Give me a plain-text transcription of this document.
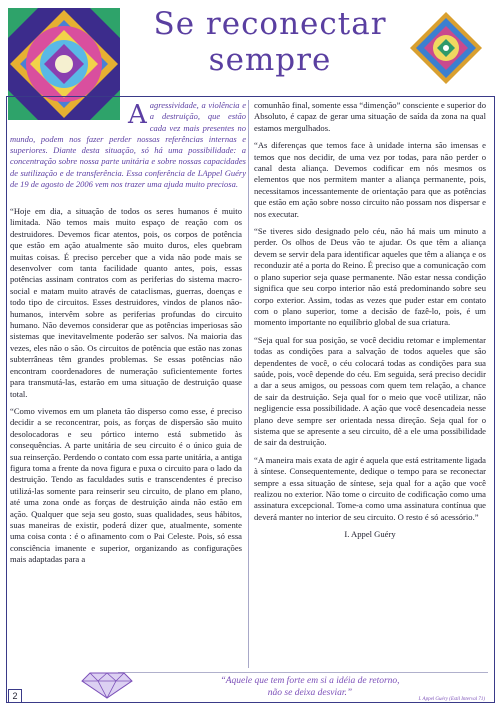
Se reconectar
sempre
Aagressividade, a violência e a destruição, que estão cada vez mais presentes no mundo, podem nos fazer perder nossas referências internas e superiores. Diante desta situação, só há uma possibilidade: a concentração sobre nossa parte unitária e sobre nossas capacidades de sutilização e de transferência. Essa conferência de LAppel Guéry de 19 de agosto de 2006 vem nos trazer uma ajuda muito preciosa.

“Hoje em dia, a situação de todos os seres humanos é muito limitada. Não temos mais muito espaço de reação com os destruidores. Devemos ficar atentos, pois, os corpos de potência que estão em ação atualmente são muito duros, eles quebram muitas coisas. É preciso perceber que a vida não pode mais se desenvolver com tanta facilidade quanto antes, pois, essas potências assinam contratos com as periferias do sistema macro-social e matam muito através de cataclismas, guerras, doenças e todo tipo de circuitos. Esses destruidores, vindos de planos não-humanos, intervêm sobre as periferias profundas do circuito humano. Não devemos considerar que as potências imperiosas são sistemas que inevitavelmente poderão ser salvos. Na maioria das vezes, eles não o são. Os circuitos de potência que estão nas zonas subterrâneas têm grandes problemas. Se essas potências não encontram coordenadores de numeração suficientemente fortes para transmutá-las, estarão em uma situação de destruição quase total.

“Como vivemos em um planeta tão disperso como esse, é preciso decidir a se reconcentrar, pois, as forças de dispersão são muito desolocadoras e seu pórtico interno está submetido às consequências. A parte unitária de seu circuito é o único guia de sua reinserção. Perdendo o contato com essa parte unitária, a antiga figura toma a frente da nova figura e puxa o circuito para o lado da destruição. Tendo as faculdades sutis e transcendentes é preciso utilizá-las somente para reinserir seu circuito, de plano em plano, até uma zona onde as forças de destruição ainda não estão em ação. Qualquer que seja seu gosto, suas qualidades, seus hábitos, suas maneiras de existir, poderá dizer que, atualmente, somente uma coisa conta : é o afinamento com o Pai Celeste. Pois, só essa consciência imanente e superior, organizando as configurações mais adaptadas para a

comunhão final, somente essa “dimenção” consciente e superior do Absoluto, é capaz de gerar uma situação de saída da zona na qual estamos mergulhados.

“As diferenças que temos face à unidade interna são imensas e temos que nos decidir, de uma vez por todas, para não perder o canal desta aliança. Devemos codificar em nós mesmos os elementos que nos permitem manter a aliança permanente, pois, necessitamos incessantemente de orientação para que as potências que estão em ação sobre nosso circuito não possam nos dispersar e nos executar.

“Se tiveres sido designado pelo céu, não há mais um minuto a perder. Os olhos de Deus vão te ajudar. Os que têm a aliança devem se servir dela para identificar aqueles que têm a aliança e os reconduzir até a porta do Reino. É preciso que a comunicação com o plano superior seja quase permanente. Não estar nessa condição significa que seu corpo interior não está predominando sobre seu corpo exterior. Assim, todas as vezes que puder estar em contato com o plano superior, tome a decisão de fazê-lo, pois, é um momento importante no equilíbrio global de sua criatura.

“Seja qual for sua posição, se você decidiu retomar e implementar todas as condições para a salvação de todos aqueles que são dependentes de você, o céu colocará todas as condições para sua saúde, pois, você depende do céu. Em seguida, será preciso decidir a dar a seus amigos, ou pessoas com quem tem relação, a chance de sair da destruição. Seja qual for o meio que você utilizar, não negligencie essa possibilidade. A ação que você desencadeia nesse plano deve sempre ser orientada nessa direção. Seja qual for o sistema que se apresente a seu circuito, dê a ele uma possibilidade de sair da destruição.

“A maneira mais exata de agir é aquela que está estritamente ligada à síntese. Consequentemente, dedique o tempo para se reconectar sempre a essa situação de síntese, seja qual for a ação que você realizou no exterior. Não tome o circuito de codificação como uma assinatura excepcional. Tome-a como uma assinatura contínua que deverá manter no interior de seu circuito. O resto é só acessório.”

I. Appel Guéry

“Aquele que tem forte em si a idéia de retorno,
não se deixa desviar.”
I. Appel Guéry (Estil Interval 71)
2
